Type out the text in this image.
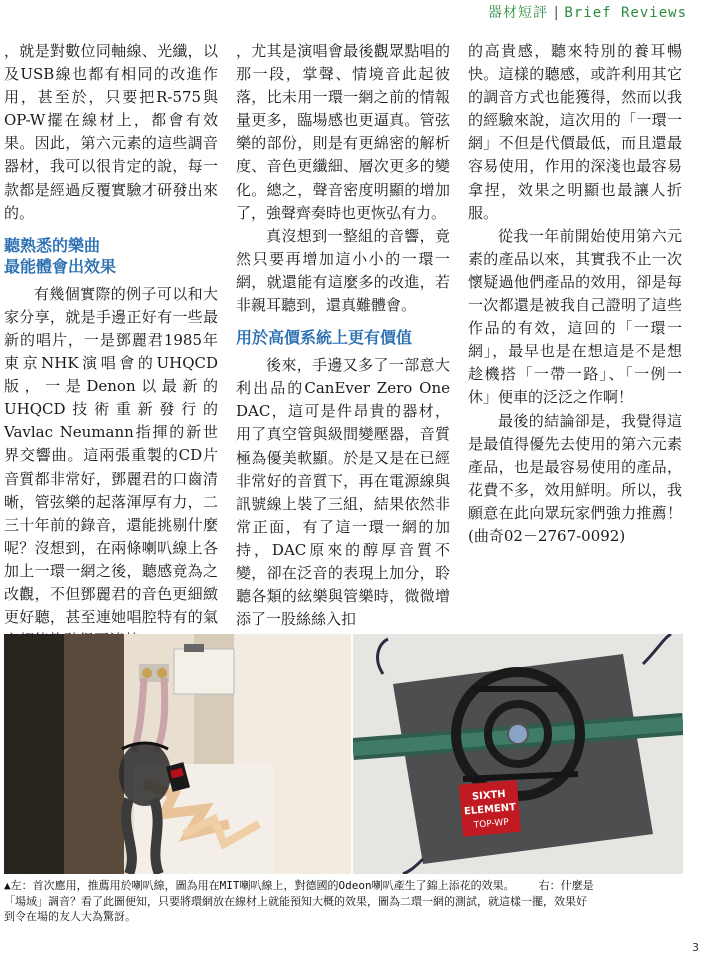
器材短評 | Brief Reviews

，就是對數位同軸線、光纖，以及USB線也都有相同的改進作用，甚至於，只要把R-575與OP-W擺在線材上，都會有效果。因此，第六元素的這些調音器材，我可以很肯定的說，每一款都是經過反覆實驗才研發出來的。

聽熟悉的樂曲
最能體會出效果

有幾個實際的例子可以和大家分享，就是手邊正好有一些最新的唱片，一是鄧麗君1985年東京NHK演唱會的UHQCD版，一是Denon以最新的UHQCD技術重新發行的Vavlac Neumann指揮的新世界交響曲。這兩張重製的CD片音質都非常好，鄧麗君的口齒清晰，管弦樂的起落渾厚有力，二三十年前的錄音，還能挑剔什麼呢？沒想到，在兩條喇叭線上各加上一環一網之後，聽感竟為之改觀，不但鄧麗君的音色更細緻更好聽，甚至連她唱腔特有的氣

，尤其是演唱會最後觀眾點唱的那一段，掌聲、情境音此起彼落，比未用一環一網之前的情報量更多，臨場感也更逼真。管弦樂的部份，則是有更綿密的解析度、音色更纖細、層次更多的變化。總之，聲音密度明顯的增加了，強聲齊奏時也更恢弘有力。

真沒想到一整組的音響，竟然只要再增加這小小的一環一網，就還能有這麼多的改進，若非親耳聽到，還真難體會。

用於高價系統上更有價值

後來，手邊又多了一部意大利出品的CanEver Zero One DAC，這可是件昂貴的器材，用了真空管與級間變壓器，音質極為優美軟顯。於是又是在已經非常好的音質下，再在電源線與訊號線上裝了三組，結果依然非常正面，有了這一環一網的加持，DAC原來的醇厚音質不變，卻在泛音的表現上加分，聆聽各類的絃樂與管樂時，微微增添了一股絲絲入扣

的高貴感，聽來特別的養耳暢快。這樣的聽感，或許利用其它的調音方式也能獲得，然而以我的經驗來說，這次用的「一環一網」不但是代價最低，而且還最容易使用，作用的深淺也最容易拿捏，效果之明顯也最讓人折服。

從我一年前開始使用第六元素的產品以來，其實我不止一次懷疑過他們產品的效用，卻是每一次都還是被我自己證明了這些作品的有效，這回的「一環一網」，最早也是在想這是不是想趁機搭「一帶一路」、「一例一休」便車的泛泛之作啊！

最後的結論卻是，我覺得這是最值得優先去使用的第六元素產品，也是最容易使用的產品，花費不多，效用鮮明。所以，我願意在此向眾玩家們強力推薦！(曲奇02－2767-0092)

SIXTH
ELEMENT
TOP-WP

▲左：首次應用，推薦用於喇叭線，圖為用在MIT喇叭線上，對德國的Odeon喇叭產生了錦上添花的效果。 右：什麼是

「場域」調音？看了此圖便知，只要將環網放在線材上就能預知大概的效果，圖為二環一網的測試，就這樣一擺，效果好

到令在場的友人大為驚訝。

3
